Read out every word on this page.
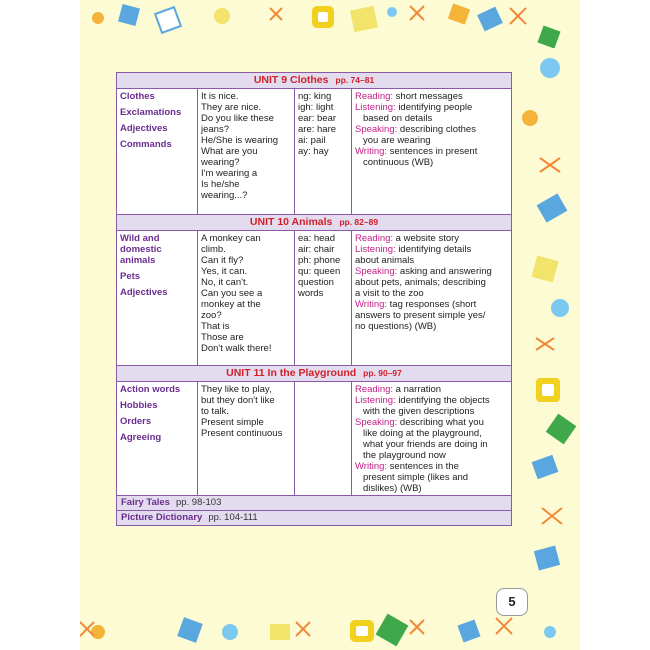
UNIT 9 Clothes pp. 74–81
Clothes
Exclamations
Adjectives
Commands
It is nice.
They are nice.
Do you like these
jeans?
He/She is wearing
What are you
wearing?
I'm wearing a
Is he/she
wearing...?
ng: king
igh: light
ear: bear
are: hare
ai: pail
ay: hay
Reading: short messages
Listening: identifying people
based on details
Speaking: describing clothes
you are wearing
Writing: sentences in present
continuous (WB)
UNIT 10 Animals pp. 82–89
Wild and domestic animals
Pets
Adjectives
A monkey can
climb.
Can it fly?
Yes, it can.
No, it can't.
Can you see a
monkey at the
zoo?
That is
Those are
Don't walk there!
ea: head
air: chair
ph: phone
qu: queen
question
words
Reading: a website story
Listening: identifying details
about animals
Speaking: asking and answering
about pets, animals; describing
a visit to the zoo
Writing: tag responses (short
answers to present simple yes/
no questions) (WB)
UNIT 11 In the Playground pp. 90–97
Action words
Hobbies
Orders
Agreeing
They like to play,
but they don't like
to talk.
Present simple
Present continuous
Reading: a narration
Listening: identifying the objects
with the given descriptions
Speaking: describing what you
like doing at the playground,
what your friends are doing in
the playground now
Writing: sentences in the
present simple (likes and
dislikes) (WB)
Fairy Tales pp. 98-103
Picture Dictionary pp. 104-111
5
